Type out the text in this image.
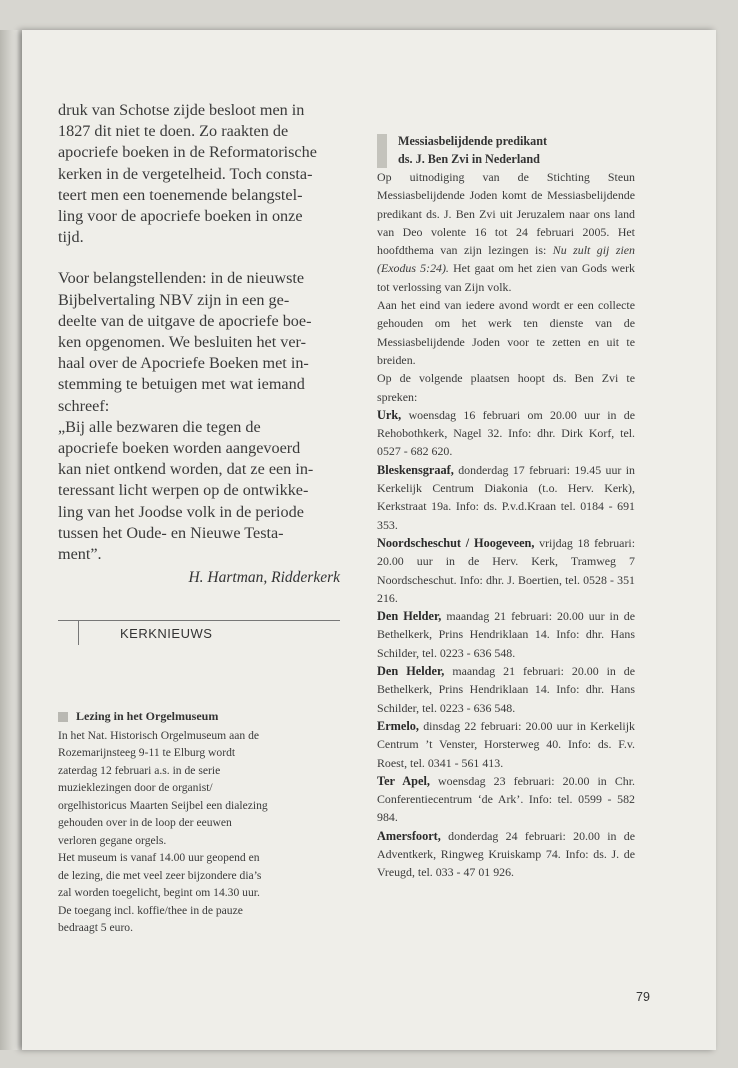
druk van Schotse zijde besloot men in
1827 dit niet te doen. Zo raakten de
apocriefe boeken in de Reformatorische
kerken in de vergetelheid. Toch consta-
teert men een toenemende belangstel-
ling voor de apocriefe boeken in onze
tijd.

Voor belangstellenden: in de nieuwste
Bijbelvertaling NBV zijn in een ge-
deelte van de uitgave de apocriefe boe-
ken opgenomen. We besluiten het ver-
haal over de Apocriefe Boeken met in-
stemming te betuigen met wat iemand
schreef:
„Bij alle bezwaren die tegen de
apocriefe boeken worden aangevoerd
kan niet ontkend worden, dat ze een in-
teressant licht werpen op de ontwikke-
ling van het Joodse volk in de periode
tussen het Oude- en Nieuwe Testa-
ment”.

H. Hartman, Ridderkerk
KERKNIEUWS
Lezing in het Orgelmuseum

In het Nat. Historisch Orgelmuseum aan de
Rozemarijnsteeg 9-11 te Elburg wordt
zaterdag 12 februari a.s. in de serie
muziekle​zingen door de organist/
orgelhistoricus Maarten Seijbel een dialezing
gehouden over in de loop der eeuwen
verloren gegane orgels.
Het museum is vanaf 14.00 uur geopend en
de lezing, die met veel zeer bijzondere dia’s
zal worden toegelicht, begint om 14.30 uur.
De toegang incl. koffie/thee in de pauze
bedraagt 5 euro.

Messiasbelijdende predikant

ds. J. Ben Zvi in Nederland

Op uitnodiging van de Stichting Steun Messiasbelijdende Joden komt de Messiasbelijdende predikant ds. J. Ben Zvi uit Jeruzalem naar ons land van Deo volente 16 tot 24 februari 2005. Het hoofdthema van zijn lezingen is: Nu zult gij zien (Exodus 5:24). Het gaat om het zien van Gods werk tot verlossing van Zijn volk.

Aan het eind van iedere avond wordt er een collecte gehouden om het werk ten dienste van de Messiasbelijdende Joden voor te zetten en uit te breiden.

Op de volgende plaatsen hoopt ds. Ben Zvi te spreken:

Urk, woensdag 16 februari om 20.00 uur in de Rehobothkerk, Nagel 32. Info: dhr. Dirk Korf, tel. 0527 - 682 620.

Bleskensgraaf, donderdag 17 februari: 19.45 uur in Kerkelijk Centrum Diakonia (t.o. Herv. Kerk), Kerkstraat 19a. Info: ds. P.v.d.Kraan tel. 0184 - 691 353.

Noordscheschut / Hoogeveen, vrijdag 18 februari: 20.00 uur in de Herv. Kerk, Tramweg 7 Noordscheschut. Info: dhr. J. Boertien, tel. 0528 - 351 216.

Den Helder, maandag 21 februari: 20.00 uur in de Bethelkerk, Prins Hendriklaan 14. Info: dhr. Hans Schilder, tel. 0223 - 636 548.

Den Helder, maandag 21 februari: 20.00 in de Bethelkerk, Prins Hendriklaan 14. Info: dhr. Hans Schilder, tel. 0223 - 636 548.

Ermelo, dinsdag 22 februari: 20.00 uur in Kerkelijk Centrum ’t Venster, Horsterweg 40. Info: ds. F.v. Roest, tel. 0341 - 561 413.

Ter Apel, woensdag 23 februari: 20.00 in Chr. Conferentiecentrum ‘de Ark’. Info: tel. 0599 - 582 984.

Amersfoort, donderdag 24 februari: 20.00 in de Adventkerk, Ringweg Kruiskamp 74. Info: ds. J. de Vreugd, tel. 033 - 47 01 926.

79
